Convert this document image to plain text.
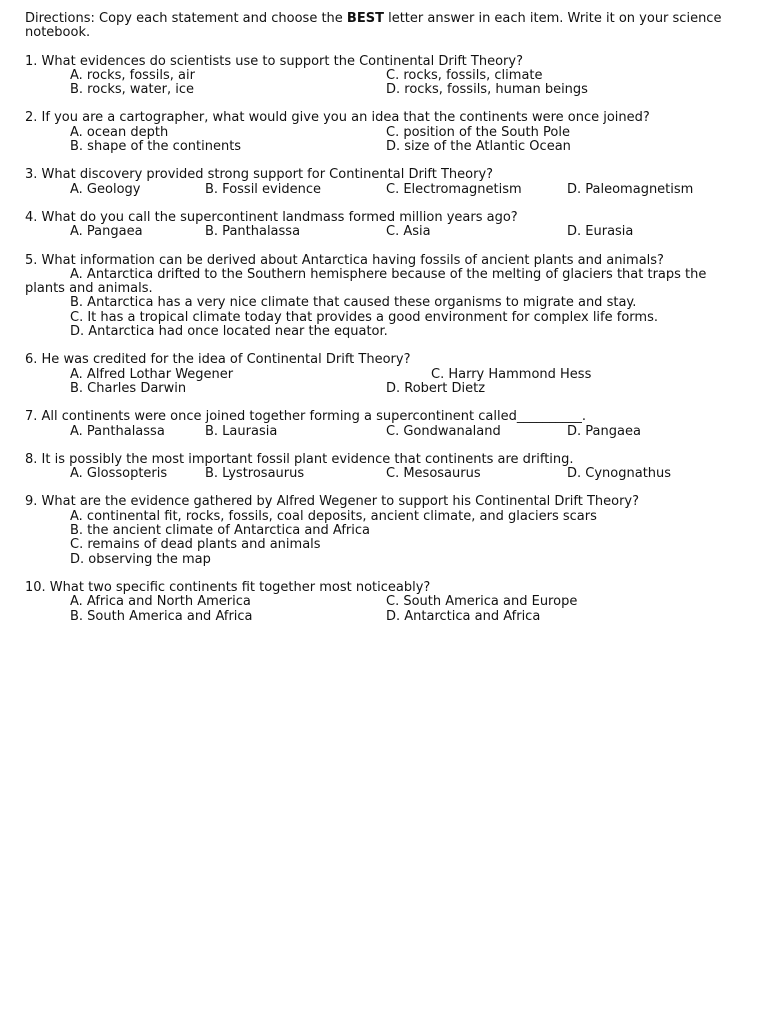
Directions: Copy each statement and choose the BEST letter answer in each item. Write it on your science notebook.

1. What evidences do scientists use to support the Continental Drift Theory?

A. rocks, fossils, air	C. rocks, fossils, climate
B. rocks, water, ice	D. rocks, fossils, human beings

2. If you are a cartographer, what would give you an idea that the continents were once joined?

A. ocean depth	C. position of the South Pole
B. shape of the continents	D. size of the Atlantic Ocean

3. What discovery provided strong support for Continental Drift Theory?

A. Geology	B. Fossil evidence	C. Electromagnetism	D. Paleomagnetism

4. What do you call the supercontinent landmass formed million years ago?

A. Pangaea	B. Panthalassa	C. Asia	D. Eurasia

5. What information can be derived about Antarctica having fossils of ancient plants and animals?

A. Antarctica drifted to the Southern hemisphere because of the melting of glaciers that traps the plants and animals.

B. Antarctica has a very nice climate that caused these organisms to migrate and stay.

C. It has a tropical climate today that provides a good environment for complex life forms.

D. Antarctica had once located near the equator.

6. He was credited for the idea of Continental Drift Theory?

A. Alfred Lothar Wegener	C. Harry Hammond Hess
B. Charles Darwin	D. Robert Dietz

7. All continents were once joined together forming a supercontinent called__________.

A. Panthalassa	B. Laurasia	C. Gondwanaland	D. Pangaea

8. It is possibly the most important fossil plant evidence that continents are drifting.

A. Glossopteris	B. Lystrosaurus	C. Mesosaurus	D. Cynognathus

9. What are the evidence gathered by Alfred Wegener to support his Continental Drift Theory?

A. continental fit, rocks, fossils, coal deposits, ancient climate, and glaciers scars

B. the ancient climate of Antarctica and Africa

C. remains of dead plants and animals

D. observing the map

10. What two specific continents fit together most noticeably?

A. Africa and North America	C. South America and Europe
B. South America and Africa	D. Antarctica and Africa
